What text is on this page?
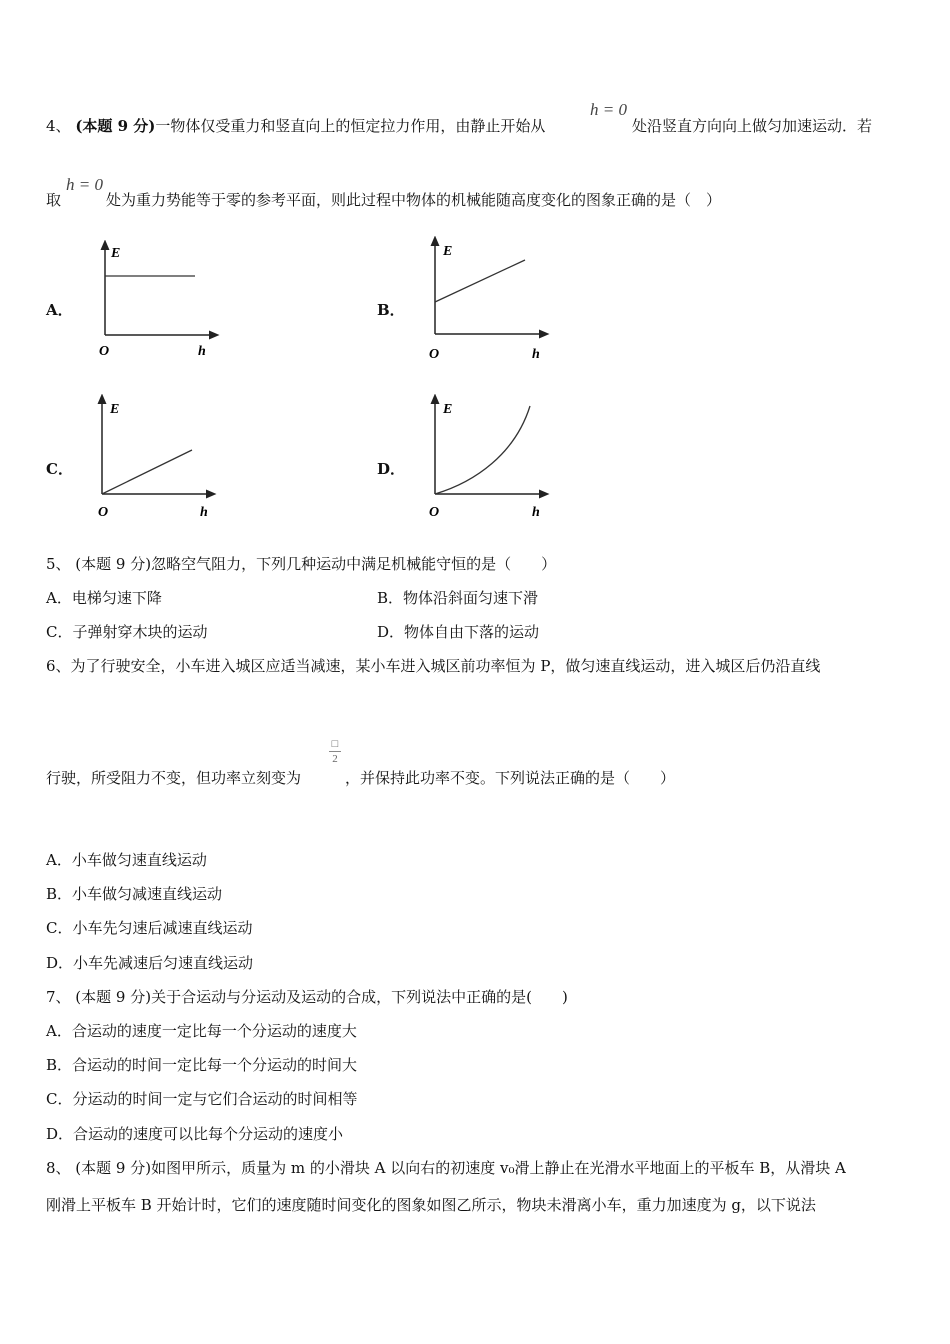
4、 (本题 9 分)一物体仅受重力和竖直向上的恒定拉力作用，由静止开始从
h = 0
处沿竖直方向向上做匀加速运动．若
取
h = 0
处为重力势能等于零的参考平面，则此过程中物体的机械能随高度变化的图象正确的是（　）
A．	B．
C．	D．
E
O	h
E
O	h
E
O	h
E
O	h
5、 (本题 9 分)忽略空气阻力，下列几种运动中满足机械能守恒的是（　　）
A．电梯匀速下降	B．物体沿斜面匀速下滑
C．子弹射穿木块的运动	D．物体自由下落的运动
6、为了行驶安全，小车进入城区应适当减速，某小车进入城区前功率恒为 P，做匀速直线运动，进入城区后仍沿直线
□
2
行驶，所受阻力不变，但功率立刻变为	，并保持此功率不变。下列说法正确的是（　　）
A．小车做匀速直线运动
B．小车做匀减速直线运动
C．小车先匀速后减速直线运动
D．小车先减速后匀速直线运动
7、 (本题 9 分)关于合运动与分运动及运动的合成，下列说法中正确的是(　　)
A．合运动的速度一定比每一个分运动的速度大
B．合运动的时间一定比每一个分运动的时间大
C．分运动的时间一定与它们合运动的时间相等
D．合运动的速度可以比每个分运动的速度小
8、 (本题 9 分)如图甲所示，质量为 m 的小滑块 A 以向右的初速度 v₀滑上静止在光滑水平地面上的平板车 B，从滑块 A
刚滑上平板车 B 开始计时，它们的速度随时间变化的图象如图乙所示，物块未滑离小车，重力加速度为 g，以下说法
